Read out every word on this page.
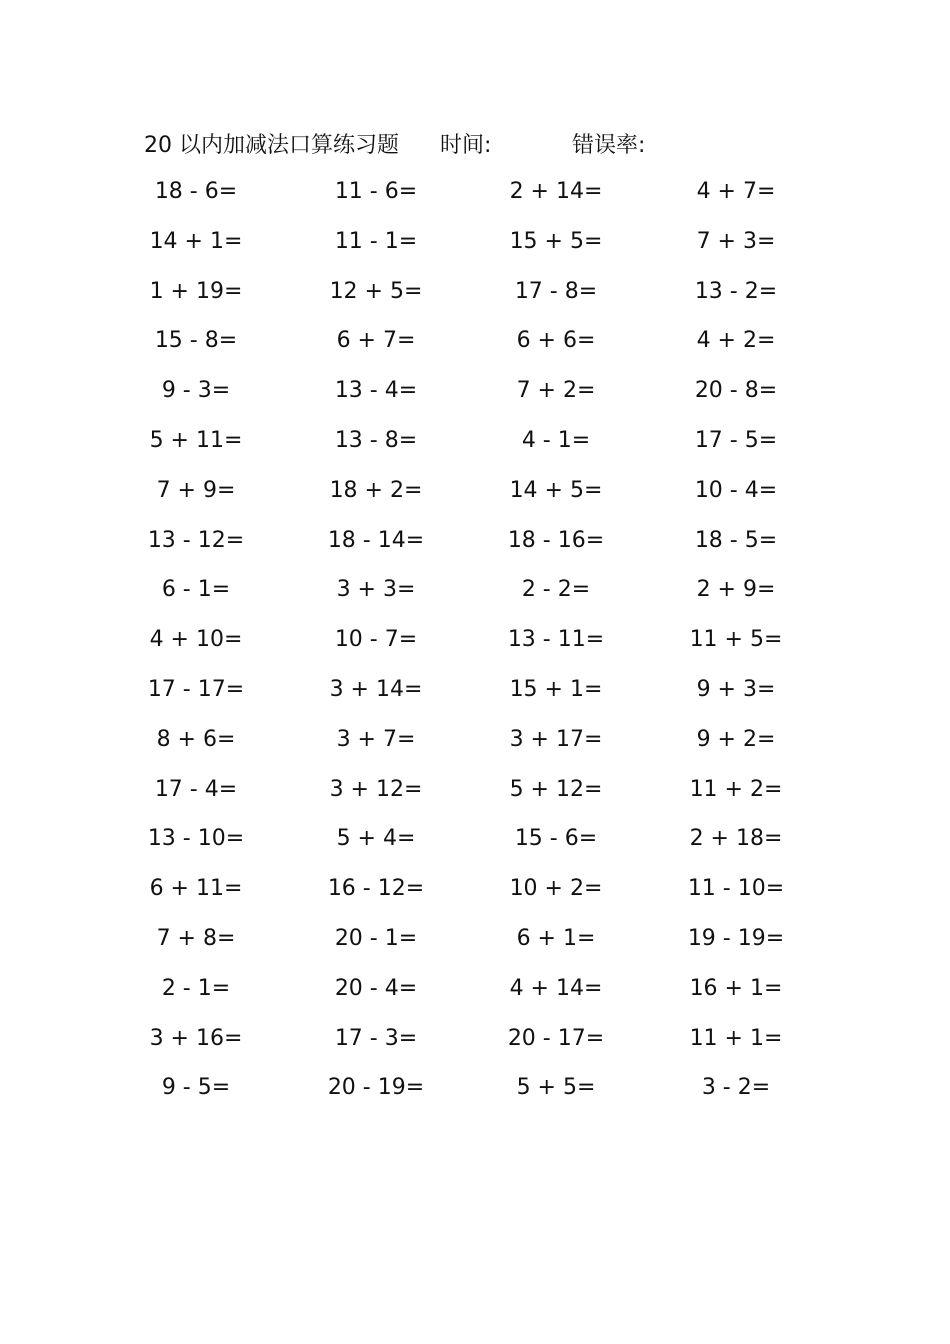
20 以内加减法口算练习题 时间:	错误率:
18 - 6=	11 - 6=	2 + 14=	4 + 7=
14 + 1=	11 - 1=	15 + 5=	7 + 3=
1 + 19=	12 + 5=	17 - 8=	13 - 2=
15 - 8=	6 + 7=	6 + 6=	4 + 2=
9 - 3=	13 - 4=	7 + 2=	20 - 8=
5 + 11=	13 - 8=	4 - 1=	17 - 5=
7 + 9=	18 + 2=	14 + 5=	10 - 4=
13 - 12=	18 - 14=	18 - 16=	18 - 5=
6 - 1=	3 + 3=	2 - 2=	2 + 9=
4 + 10=	10 - 7=	13 - 11=	11 + 5=
17 - 17=	3 + 14=	15 + 1=	9 + 3=
8 + 6=	3 + 7=	3 + 17=	9 + 2=
17 - 4=	3 + 12=	5 + 12=	11 + 2=
13 - 10=	5 + 4=	15 - 6=	2 + 18=
6 + 11=	16 - 12=	10 + 2=	11 - 10=
7 + 8=	20 - 1=	6 + 1=	19 - 19=
2 - 1=	20 - 4=	4 + 14=	16 + 1=
3 + 16=	17 - 3=	20 - 17=	11 + 1=
9 - 5=	20 - 19=	5 + 5=	3 - 2=
